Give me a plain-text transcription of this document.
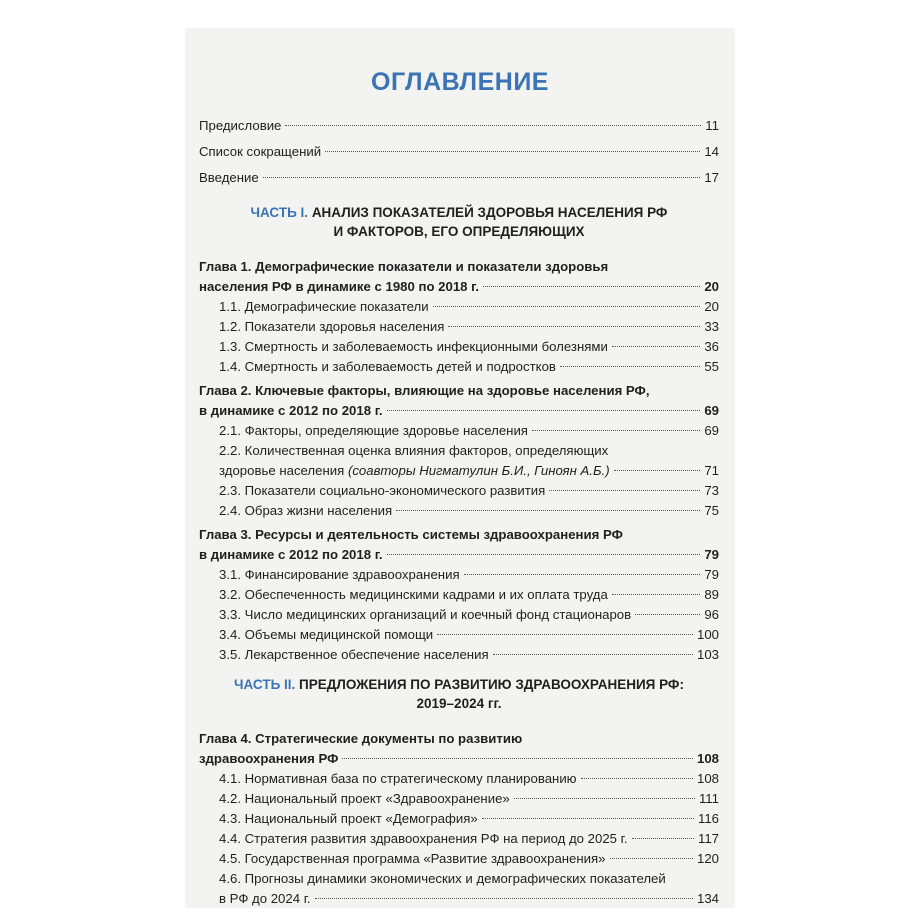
ОГЛАВЛЕНИЕ
Предисловие	11
Список сокращений	14
Введение	17
ЧАСТЬ I. АНАЛИЗ ПОКАЗАТЕЛЕЙ ЗДОРОВЬЯ НАСЕЛЕНИЯ РФ
И ФАКТОРОВ, ЕГО ОПРЕДЕЛЯЮЩИХ
Глава 1. Демографические показатели и показатели здоровья
населения РФ в динамике с 1980 по 2018 г.	20
1.1. Демографические показатели	20
1.2. Показатели здоровья населения	33
1.3. Смертность и заболеваемость инфекционными болезнями	36
1.4. Смертность и заболеваемость детей и подростков	55
Глава 2. Ключевые факторы, влияющие на здоровье населения РФ,
в динамике с 2012 по 2018 г.	69
2.1. Факторы, определяющие здоровье населения	69
2.2. Количественная оценка влияния факторов, определяющих
здоровье населения (соавторы Нигматулин Б.И., Гиноян А.Б.)	71
2.3. Показатели социально-экономического развития	73
2.4. Образ жизни населения	75
Глава 3. Ресурсы и деятельность системы здравоохранения РФ
в динамике с 2012 по 2018 г.	79
3.1. Финансирование здравоохранения	79
3.2. Обеспеченность медицинскими кадрами и их оплата труда	89
3.3. Число медицинских организаций и коечный фонд стационаров	96
3.4. Объемы медицинской помощи	100
3.5. Лекарственное обеспечение населения	103
ЧАСТЬ II. ПРЕДЛОЖЕНИЯ ПО РАЗВИТИЮ ЗДРАВООХРАНЕНИЯ РФ:
2019–2024 гг.
Глава 4. Стратегические документы по развитию
здравоохранения РФ	108
4.1. Нормативная база по стратегическому планированию	108
4.2. Национальный проект «Здравоохранение»	111
4.3. Национальный проект «Демография»	116
4.4. Стратегия развития здравоохранения РФ на период до 2025 г.	117
4.5. Государственная программа «Развитие здравоохранения»	120
4.6. Прогнозы динамики экономических и демографических показателей
в РФ до 2024 г.	134
